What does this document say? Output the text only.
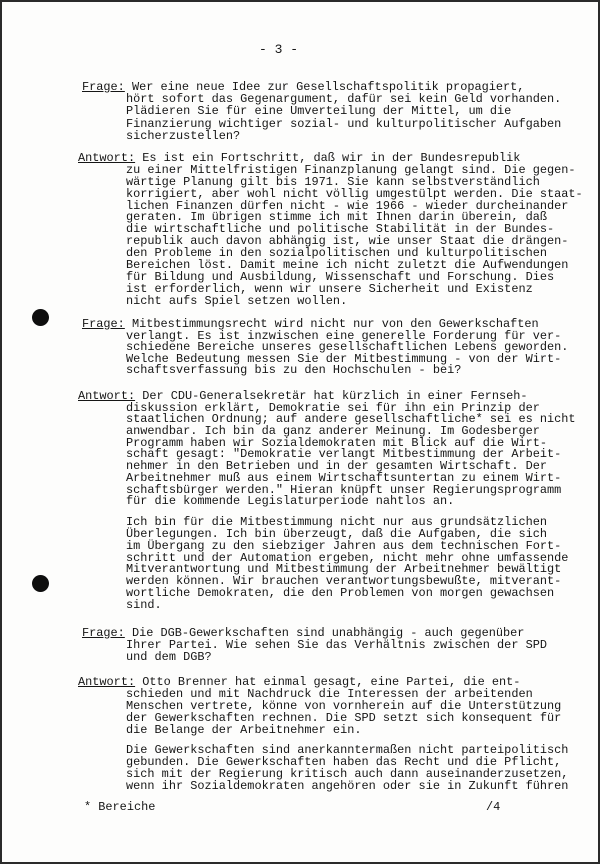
- 3 -
Frage: Wer eine neue Idee zur Gesellschaftspolitik propagiert,
hört sofort das Gegenargument, dafür sei kein Geld vorhanden.
Plädieren Sie für eine Umverteilung der Mittel, um die
Finanzierung wichtiger sozial- und kulturpolitischer Aufgaben
sicherzustellen?
Antwort: Es ist ein Fortschritt, daß wir in der Bundesrepublik
zu einer Mittelfristigen Finanzplanung gelangt sind. Die gegen-
wärtige Planung gilt bis 1971. Sie kann selbstverständlich
korrigiert, aber wohl nicht völlig umgestülpt werden. Die staat-
lichen Finanzen dürfen nicht - wie 1966 - wieder durcheinander
geraten. Im übrigen stimme ich mit Ihnen darin überein, daß
die wirtschaftliche und politische Stabilität in der Bundes-
republik auch davon abhängig ist, wie unser Staat die drängen-
den Probleme in den sozialpolitischen und kulturpolitischen
Bereichen löst. Damit meine ich nicht zuletzt die Aufwendungen
für Bildung und Ausbildung, Wissenschaft und Forschung. Dies
ist erforderlich, wenn wir unsere Sicherheit und Existenz
nicht aufs Spiel setzen wollen.
Frage: Mitbestimmungsrecht wird nicht nur von den Gewerkschaften
verlangt. Es ist inzwischen eine generelle Forderung für ver-
schiedene Bereiche unseres gesellschaftlichen Lebens geworden.
Welche Bedeutung messen Sie der Mitbestimmung - von der Wirt-
schaftsverfassung bis zu den Hochschulen - bei?
Antwort: Der CDU-Generalsekretär hat kürzlich in einer Fernseh-
diskussion erklärt, Demokratie sei für ihn ein Prinzip der
staatlichen Ordnung; auf andere gesellschaftliche* sei es nicht
anwendbar. Ich bin da ganz anderer Meinung. Im Godesberger
Programm haben wir Sozialdemokraten mit Blick auf die Wirt-
schaft gesagt: "Demokratie verlangt Mitbestimmung der Arbeit-
nehmer in den Betrieben und in der gesamten Wirtschaft. Der
Arbeitnehmer muß aus einem Wirtschaftsuntertan zu einem Wirt-
schaftsbürger werden." Hieran knüpft unser Regierungsprogramm
für die kommende Legislaturperiode nahtlos an.
Ich bin für die Mitbestimmung nicht nur aus grundsätzlichen
Überlegungen. Ich bin überzeugt, daß die Aufgaben, die sich
im Übergang zu den siebziger Jahren aus dem technischen Fort-
schritt und der Automation ergeben, nicht mehr ohne umfassende
Mitverantwortung und Mitbestimmung der Arbeitnehmer bewältigt
werden können. Wir brauchen verantwortungsbewußte, mitverant-
wortliche Demokraten, die den Problemen von morgen gewachsen
sind.
Frage: Die DGB-Gewerkschaften sind unabhängig - auch gegenüber
Ihrer Partei. Wie sehen Sie das Verhältnis zwischen der SPD
und dem DGB?
Antwort: Otto Brenner hat einmal gesagt, eine Partei, die ent-
schieden und mit Nachdruck die Interessen der arbeitenden
Menschen vertrete, könne von vornherein auf die Unterstützung
der Gewerkschaften rechnen. Die SPD setzt sich konsequent für
die Belange der Arbeitnehmer ein.
Die Gewerkschaften sind anerkanntermaßen nicht parteipolitisch
gebunden. Die Gewerkschaften haben das Recht und die Pflicht,
sich mit der Regierung kritisch auch dann auseinanderzusetzen,
wenn ihr Sozialdemokraten angehören oder sie in Zukunft führen
* Bereiche	/4
